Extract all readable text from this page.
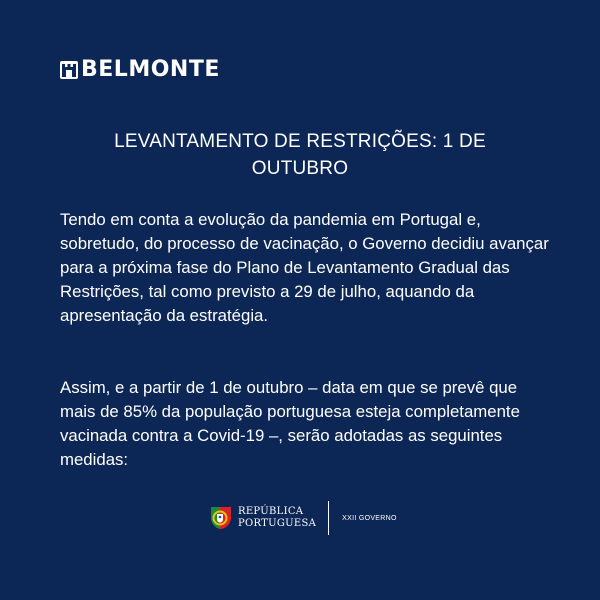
BELMONTE
LEVANTAMENTO DE RESTRIÇÕES: 1 DE OUTUBRO

Tendo em conta a evolução da pandemia em Portugal e, sobretudo, do processo de vacinação, o Governo decidiu avançar para a próxima fase do Plano de Levantamento Gradual das Restrições, tal como previsto a 29 de julho, aquando da apresentação da estratégia.

Assim, e a partir de 1 de outubro – data em que se prevê que mais de 85% da população portuguesa esteja completamente vacinada contra a Covid-19 –, serão adotadas as seguintes medidas:

REPÚBLICA
PORTUGUESA	XXII GOVERNO
